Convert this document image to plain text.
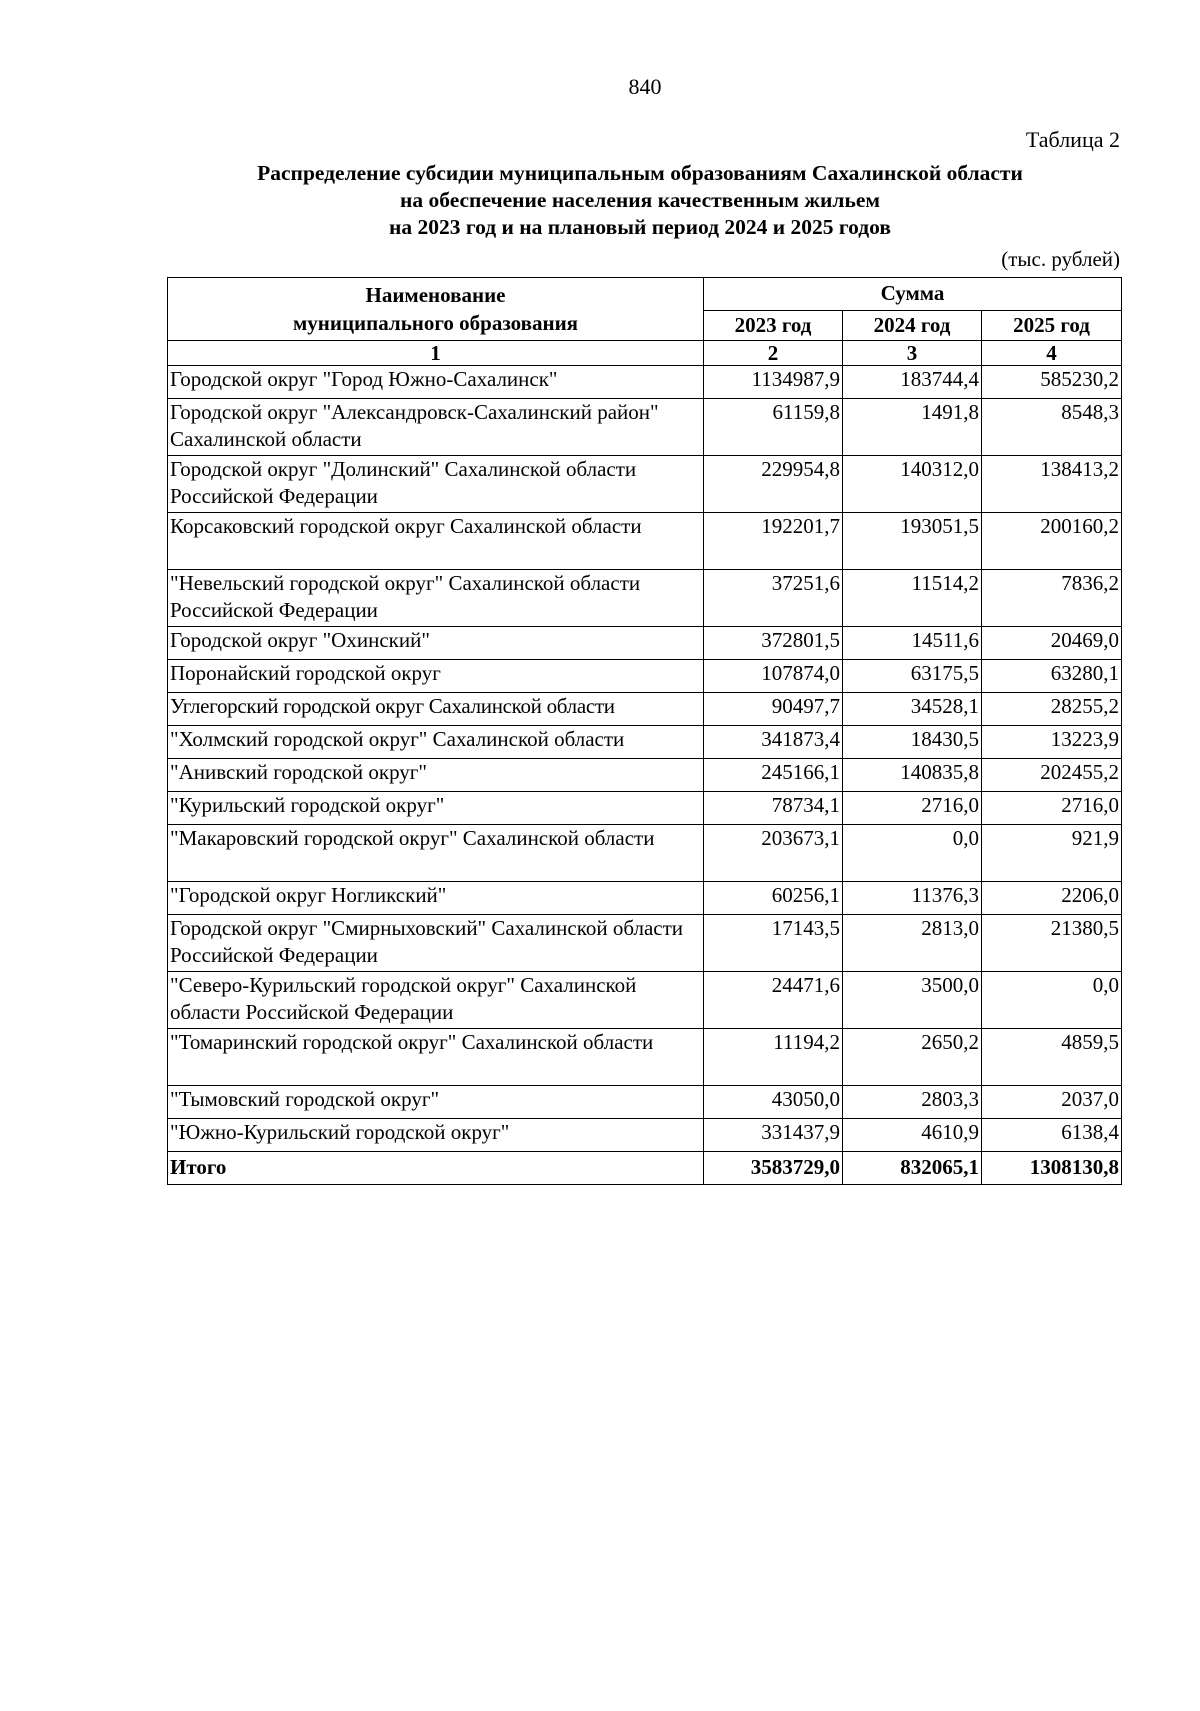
840
Таблица 2
Распределение субсидии муниципальным образованиям Сахалинской области
на обеспечение населения качественным жильем
на 2023 год и на плановый период 2024 и 2025 годов
(тыс. рублей)
Наименование
муниципального образования	Сумма		
	2023 год	2024 год	2025 год
1	2	3	4
Городской округ "Город Южно-Сахалинск"	1134987,9	183744,4	585230,2
Городской округ "Александровск-Сахалинский район" Сахалинской области	61159,8	1491,8	8548,3
Городской округ "Долинский" Сахалинской области Российской Федерации	229954,8	140312,0	138413,2
Корсаковский городской округ Сахалинской области	192201,7	193051,5	200160,2
"Невельский городской округ" Сахалинской области Российской Федерации	37251,6	11514,2	7836,2
Городской округ "Охинский"	372801,5	14511,6	20469,0
Поронайский городской округ	107874,0	63175,5	63280,1
Углегорский городской округ Сахалинской области	90497,7	34528,1	28255,2
"Холмский городской округ" Сахалинской области	341873,4	18430,5	13223,9
"Анивский городской округ"	245166,1	140835,8	202455,2
"Курильский городской округ"	78734,1	2716,0	2716,0
"Макаровский городской округ" Сахалинской области	203673,1	0,0	921,9
"Городской округ Ногликский"	60256,1	11376,3	2206,0
Городской округ "Смирныховский" Сахалинской области Российской Федерации	17143,5	2813,0	21380,5
"Северо-Курильский городской округ" Сахалинской области Российской Федерации	24471,6	3500,0	0,0
"Томаринский городской округ" Сахалинской области	11194,2	2650,2	4859,5
"Тымовский городской округ"	43050,0	2803,3	2037,0
"Южно-Курильский городской округ"	331437,9	4610,9	6138,4
Итого	3583729,0	832065,1	1308130,8
